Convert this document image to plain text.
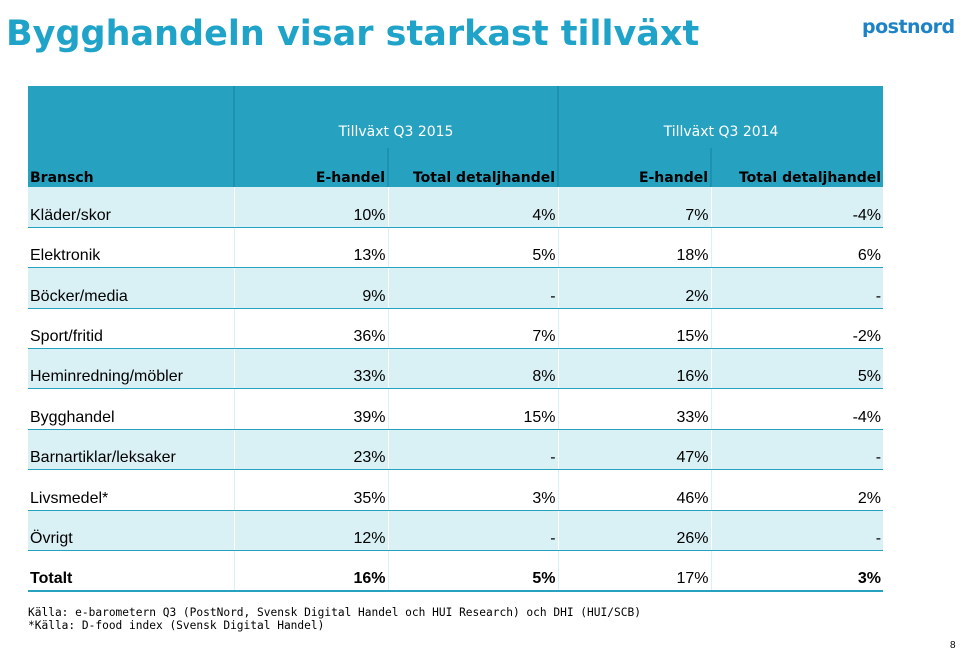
Bygghandeln visar starkast tillväxt	postnord
	Tillväxt Q3 2015		Tillväxt Q3 2014	
Bransch	E-handel	Total detaljhandel	E-handel	Total detaljhandel
Kläder/skor	10%	4%	7%	-4%
Elektronik	13%	5%	18%	6%
Böcker/media	9%	-	2%	-
Sport/fritid	36%	7%	15%	-2%
Heminredning/möbler	33%	8%	16%	5%
Bygghandel	39%	15%	33%	-4%
Barnartiklar/leksaker	23%	-	47%	-
Livsmedel*	35%	3%	46%	2%
Övrigt	12%	-	26%	-
Totalt	16%	5%	17%	3%
Källa: e-barometern Q3 (PostNord, Svensk Digital Handel och HUI Research) och DHI (HUI/SCB)
*Källa: D-food index (Svensk Digital Handel)
8
